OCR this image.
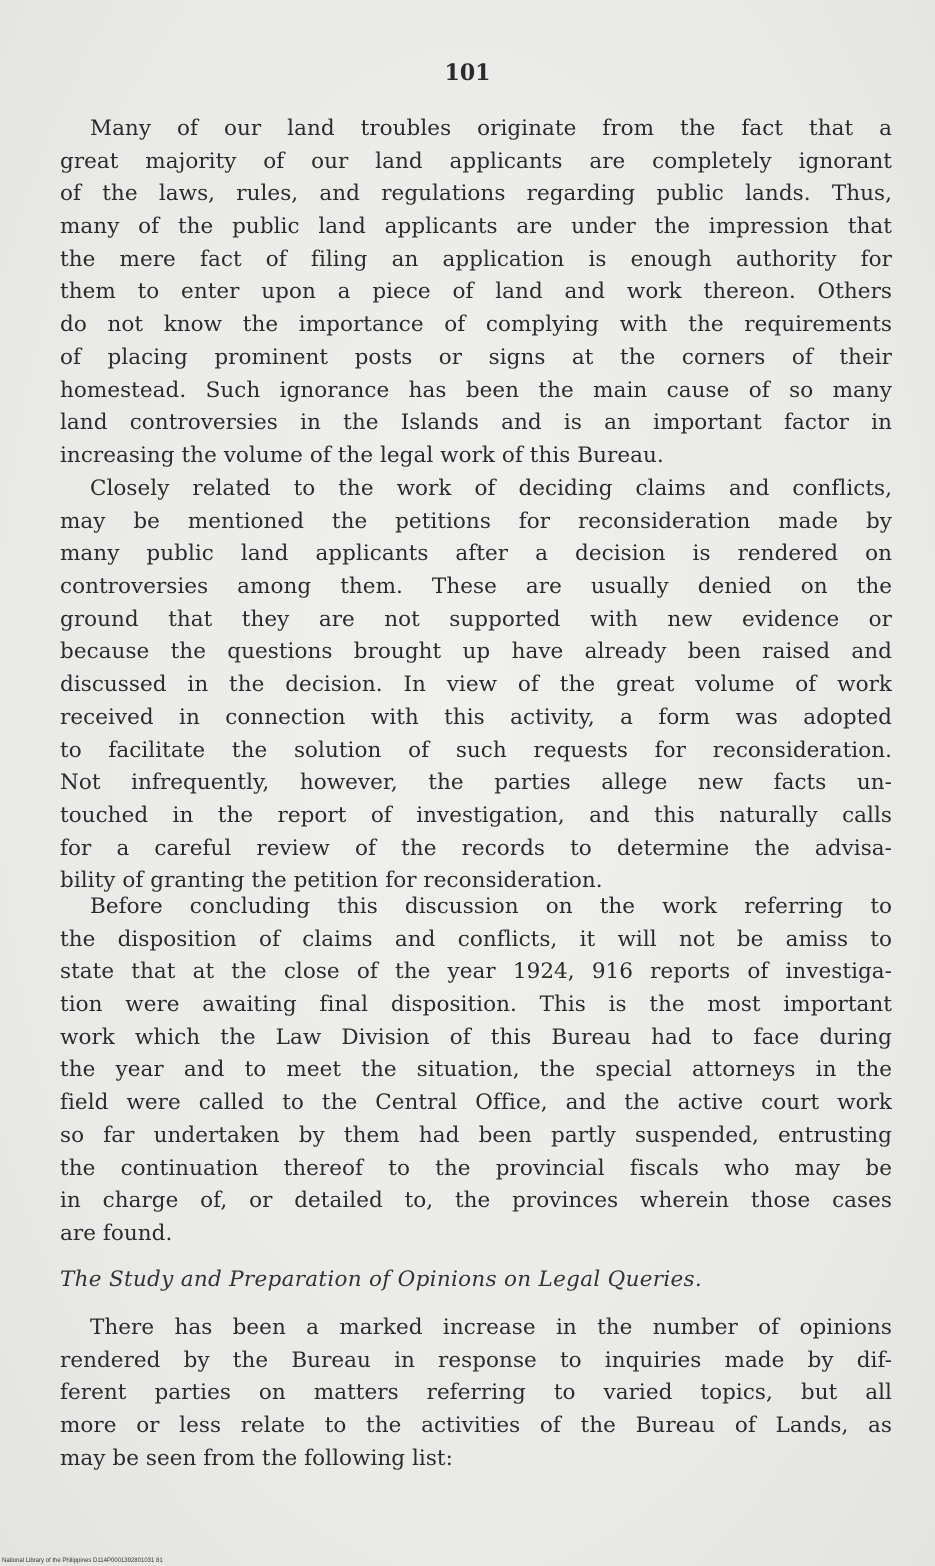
101
Many of our land troubles originate from the fact that a
great majority of our land applicants are completely ignorant
of the laws, rules, and regulations regarding public lands. Thus,
many of the public land applicants are under the impression that
the mere fact of filing an application is enough authority for
them to enter upon a piece of land and work thereon. Others
do not know the importance of complying with the requirements
of placing prominent posts or signs at the corners of their
homestead. Such ignorance has been the main cause of so many
land controversies in the Islands and is an important factor in
increasing the volume of the legal work of this Bureau.
Closely related to the work of deciding claims and conflicts,
may be mentioned the petitions for reconsideration made by
many public land applicants after a decision is rendered on
controversies among them. These are usually denied on the
ground that they are not supported with new evidence or
because the questions brought up have already been raised and
discussed in the decision. In view of the great volume of work
received in connection with this activity, a form was adopted
to facilitate the solution of such requests for reconsideration.
Not infrequently, however, the parties allege new facts un-
touched in the report of investigation, and this naturally calls
for a careful review of the records to determine the advisa-
bility of granting the petition for reconsideration.
Before concluding this discussion on the work referring to
the disposition of claims and conflicts, it will not be amiss to
state that at the close of the year 1924, 916 reports of investiga-
tion were awaiting final disposition. This is the most important
work which the Law Division of this Bureau had to face during
the year and to meet the situation, the special attorneys in the
field were called to the Central Office, and the active court work
so far undertaken by them had been partly suspended, entrusting
the continuation thereof to the provincial fiscals who may be
in charge of, or detailed to, the provinces wherein those cases
are found.
The Study and Preparation of Opinions on Legal Queries.
There has been a marked increase in the number of opinions
rendered by the Bureau in response to inquiries made by dif-
ferent parties on matters referring to varied topics, but all
more or less relate to the activities of the Bureau of Lands, as
may be seen from the following list:
National Library of the Philippines D114P0001392801031 81
